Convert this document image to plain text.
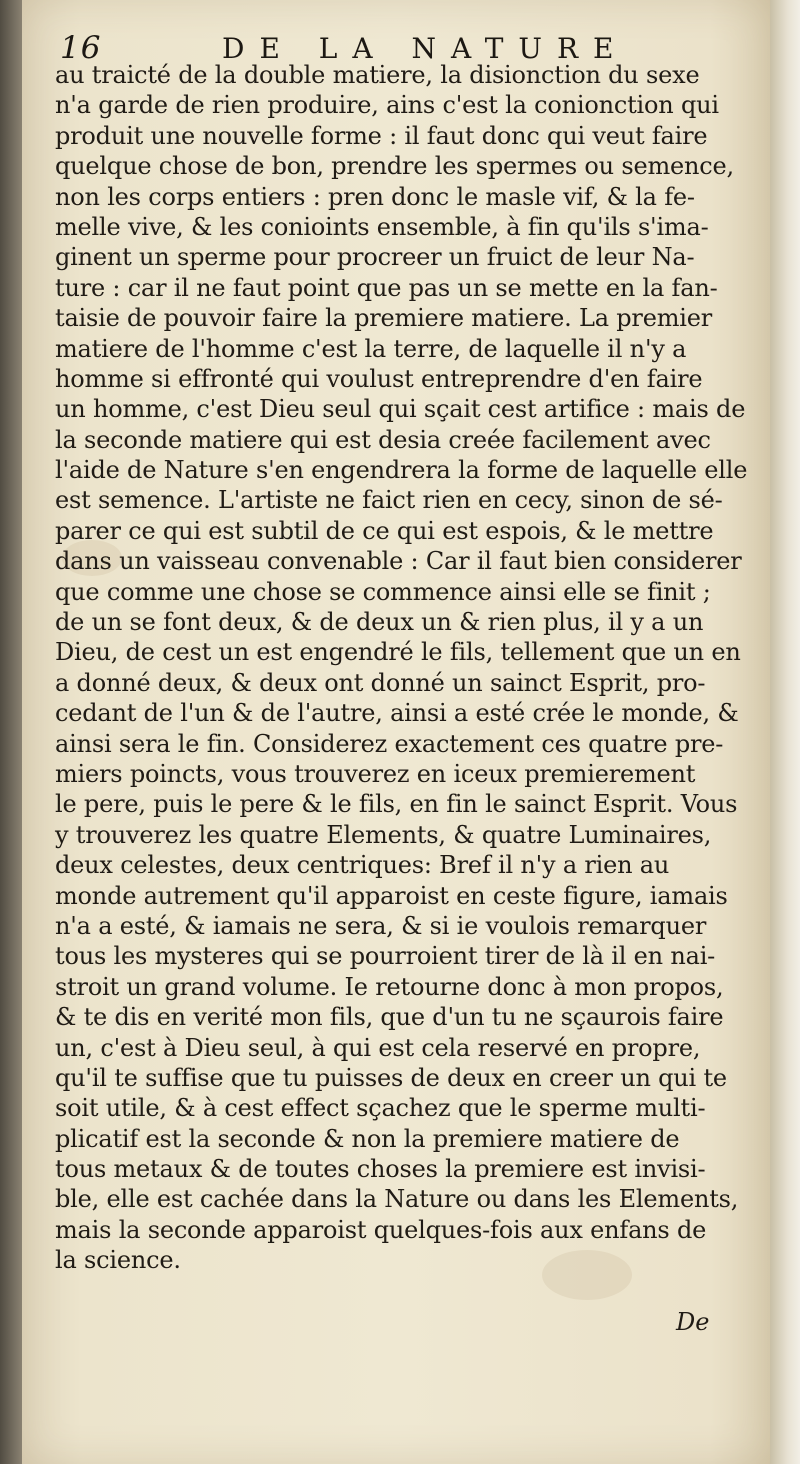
16	DE LA NATURE
au traicté de la double matiere, la disionction du sexe
n'a garde de rien produire, ains c'est la conionction qui
produit une nouvelle forme : il faut donc qui veut faire
quelque chose de bon, prendre les spermes ou semence,
non les corps entiers : pren donc le masle vif, & la fe-
melle vive, & les conioints ensemble, à fin qu'ils s'ima-
ginent un sperme pour procreer un fruict de leur Na-
ture : car il ne faut point que pas un se mette en la fan-
taisie de pouvoir faire la premiere matiere. La premier
matiere de l'homme c'est la terre, de laquelle il n'y a
homme si effronté qui voulust entreprendre d'en faire
un homme, c'est Dieu seul qui sçait cest artifice : mais de
la seconde matiere qui est desia creée facilement avec
l'aide de Nature s'en engendrera la forme de laquelle elle
est semence. L'artiste ne faict rien en cecy, sinon de sé-
parer ce qui est subtil de ce qui est espois, & le mettre
dans un vaisseau convenable : Car il faut bien considerer
que comme une chose se commence ainsi elle se finit ;
de un se font deux, & de deux un & rien plus, il y a un
Dieu, de cest un est engendré le fils, tellement que un en
a donné deux, & deux ont donné un sainct Esprit, pro-
cedant de l'un & de l'autre, ainsi a esté crée le monde, &
ainsi sera le fin. Considerez exactement ces quatre pre-
miers poincts, vous trouverez en iceux premierement
le pere, puis le pere & le fils, en fin le sainct Esprit. Vous
y trouverez les quatre Elements, & quatre Luminaires,
deux celestes, deux centriques: Bref il n'y a rien au
monde autrement qu'il apparoist en ceste figure, iamais
n'a a esté, & iamais ne sera, & si ie voulois remarquer
tous les mysteres qui se pourroient tirer de là il en nai-
stroit un grand volume. Ie retourne donc à mon propos,
& te dis en verité mon fils, que d'un tu ne sçaurois faire
un, c'est à Dieu seul, à qui est cela reservé en propre,
qu'il te suffise que tu puisses de deux en creer un qui te
soit utile, & à cest effect sçachez que le sperme multi-
plicatif est la seconde & non la premiere matiere de
tous metaux & de toutes choses la premiere est invisi-
ble, elle est cachée dans la Nature ou dans les Elements,
mais la seconde apparoist quelques-fois aux enfans de
la science.
De
